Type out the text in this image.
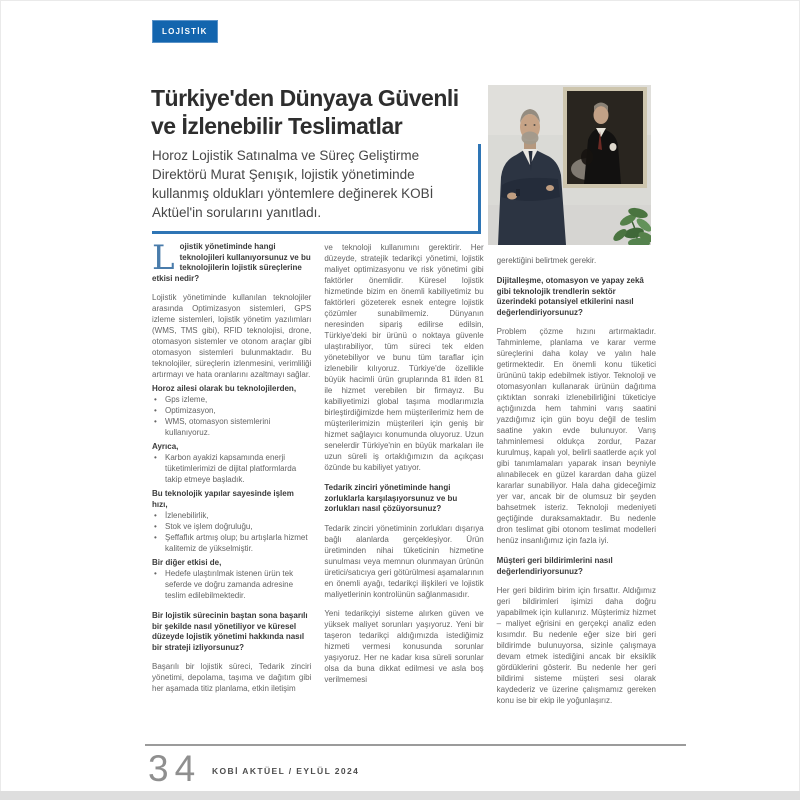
LOJİSTİK
Türkiye'den Dünyaya Güvenli
ve İzlenebilir Teslimatlar
Horoz Lojistik Satınalma ve Süreç Geliştirme Direktörü Murat Şenışık, lojistik yönetiminde kullanmış oldukları yöntemlere değinerek KOBİ Aktüel'in sorularını yanıtladı.
Lojistik yönetiminde hangi teknolojileri kullanıyorsunuz ve bu teknolojilerin lojistik süreçlerine etkisi nedir?
Lojistik yönetiminde kullanılan teknolojiler arasında Optimizasyon sistemleri, GPS izleme sistemleri, lojistik yönetim yazılımları (WMS, TMS gibi), RFID teknolojisi, drone, otomasyon sistemler ve otonom araçlar gibi otomasyon sistemleri bulunmaktadır. Bu teknolojiler, süreçlerin izlenmesini, verimliliği artırmayı ve hata oranlarını azaltmayı sağlar.
Horoz ailesi olarak bu teknolojilerden,
•	Gps izleme,
•	Optimizasyon,
•	WMS, otomasyon sistemlerini kullanıyoruz.
Ayrıca,
•	Karbon ayakizi kapsamında enerji tüketimlerimizi de dijital platformlarda takip etmeye başladık.
Bu teknolojik yapılar sayesinde işlem hızı,
•	İzlenebilirlik,
•	Stok ve işlem doğruluğu,
•	Şeffaflık artmış olup; bu artışlarla hizmet kalitemiz de yükselmiştir.
Bir diğer etkisi de,
•	Hedefe ulaştırılmak istenen ürün tek seferde ve doğru zamanda adresine teslim edilebilmektedir.
Bir lojistik sürecinin baştan sona başarılı bir şekilde nasıl yönetiliyor ve küresel düzeyde lojistik yönetimi hakkında nasıl bir strateji izliyorsunuz?
Başarılı bir lojistik süreci, Tedarik zinciri yönetimi, depolama, taşıma ve dağıtım gibi her aşamada titiz planlama, etkin iletişim
ve teknoloji kullanımını gerektirir. Her düzeyde, stratejik tedarikçi yönetimi, lojistik maliyet optimizasyonu ve risk yönetimi gibi faktörler önemlidir. Küresel lojistik hizmetinde bizim en önemli kabiliyetimiz bu faktörleri gözeterek esnek entegre lojistik çözümler sunabilmemiz. Dünyanın neresinden sipariş edilirse edilsin, Türkiye'deki bir ürünü o noktaya güvenle ulaştırabiliyor, tüm süreci tek elden yönetebiliyor ve bunu tüm taraflar için izlenebilir kılıyoruz. Türkiye'de özellikle büyük hacimli ürün gruplarında 81 ilden 81 ile hizmet verebilen bir firmayız. Bu kabiliyetimizi global taşıma modlarımızla birleştirdiğimizde hem müşterilerimiz hem de müşterilerimizin müşterileri için geniş bir hizmet sağlayıcı konumunda oluyoruz. Uzun senelerdir Türkiye'nin en büyük markaları ile uzun süreli iş ortaklığımızın da açıkçası özünde bu kabiliyet yatıyor.
Tedarik zinciri yönetiminde hangi zorluklarla karşılaşıyorsunuz ve bu zorlukları nasıl çözüyorsunuz?
Tedarik zinciri yönetiminin zorlukları dışarıya bağlı alanlarda gerçekleşiyor. Ürün üretiminden nihai tüketicinin hizmetine sunulması veya memnun olunmayan ürünün üretici/satıcıya geri götürülmesi aşamalarının en önemli ayağı, tedarikçi ilişkileri ve lojistik maliyetlerinin kontrolünün sağlanmasıdır.
Yeni tedarikçiyi sisteme alırken güven ve yüksek maliyet sorunları yaşıyoruz. Yeni bir taşeron tedarikçi aldığımızda istediğimiz hizmeti vermesi konusunda sorunlar yaşıyoruz. Her ne kadar kısa süreli sorunlar olsa da buna dikkat edilmesi ve asla boş verilmemesi
gerektiğini belirtmek gerekir.
Dijitalleşme, otomasyon ve yapay zekâ gibi teknolojik trendlerin sektör üzerindeki potansiyel etkilerini nasıl değerlendiriyorsunuz?
Problem çözme hızını artırmaktadır. Tahminleme, planlama ve karar verme süreçlerini daha kolay ve yalın hale getirmektedir. En önemli konu tüketici ürününü takip edebilmek istiyor. Teknoloji ve otomasyonları kullanarak ürünün dağıtıma çıktıktan sonraki izlenebilirliğini tüketiciye açtığınızda hem tahmini varış saatini yazdığımız için gün boyu değil de teslim saatine yakın evde bulunuyor. Varış tahminlemesi oldukça zordur, Pazar kurulmuş, kapalı yol, belirli saatlerde açık yol gibi tanımlamaları yaparak insan beyniyle alınabilecek en güzel karardan daha güzel kararlar sunabiliyor. Hala daha gideceğimiz yer var, ancak bir de olumsuz bir şeyden bahsetmek isteriz. Teknoloji medeniyeti geçtiğinde duraksamaktadır. Bu nedenle dron teslimat gibi otonom teslimat modelleri henüz insanlığımız için fazla iyi.
Müşteri geri bildirimlerini nasıl değerlendiriyorsunuz?
Her geri bildirim birim için fırsattır. Aldığımız geri bildirimleri işimizi daha doğru yapabilmek için kullanırız. Müşterimiz hizmet – maliyet eğrisini en gerçekçi analiz eden kısımdır. Bu nedenle eğer size biri geri bildirimde bulunuyorsa, sizinle çalışmaya devam etmek istediğini ancak bir eksiklik gördüklerini gösterir. Bu nedenle her geri bildirimi sisteme müşteri sesi olarak kaydederiz ve üzerine çalışmamız gereken konu ise bir ekip ile yoğunlaşırız.
34 KOBİ AKTÜEL / EYLÜL 2024
